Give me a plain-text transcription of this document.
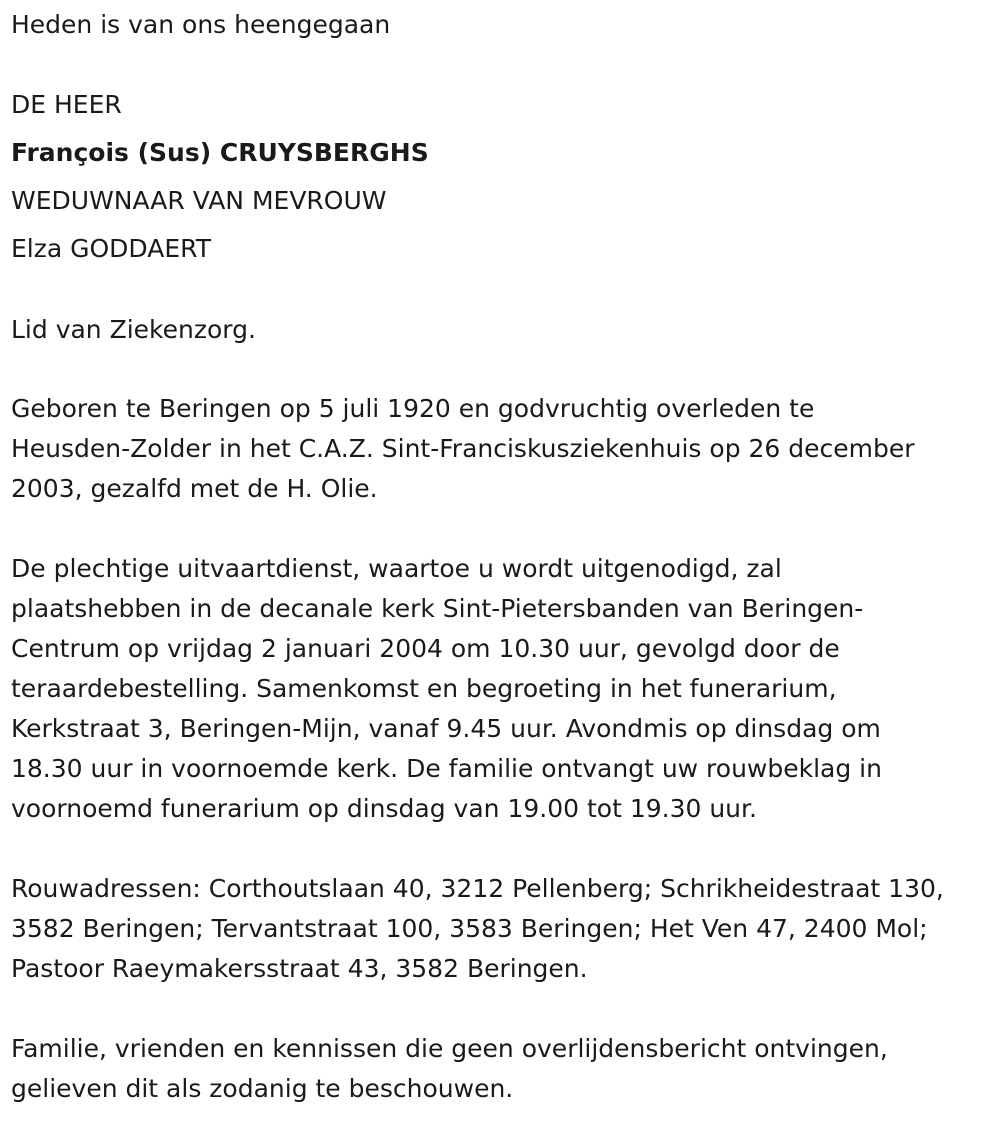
Heden is van ons heengegaan

DE HEER

François (Sus) CRUYSBERGHS

WEDUWNAAR VAN MEVROUW

Elza GODDAERT

Lid van Ziekenzorg.

Geboren te Beringen op 5 juli 1920 en godvruchtig overleden te
Heusden-Zolder in het C.A.Z. Sint-Franciskusziekenhuis op 26 december
2003, gezalfd met de H. Olie.
De plechtige uitvaartdienst, waartoe u wordt uitgenodigd, zal
plaatshebben in de decanale kerk Sint-Pietersbanden van Beringen-
Centrum op vrijdag 2 januari 2004 om 10.30 uur, gevolgd door de
teraardebestelling. Samenkomst en begroeting in het funerarium,
Kerkstraat 3, Beringen-Mijn, vanaf 9.45 uur. Avondmis op dinsdag om
18.30 uur in voornoemde kerk. De familie ontvangt uw rouwbeklag in
voornoemd funerarium op dinsdag van 19.00 tot 19.30 uur.
Rouwadressen: Corthoutslaan 40, 3212 Pellenberg; Schrikheidestraat 130,
3582 Beringen; Tervantstraat 100, 3583 Beringen; Het Ven 47, 2400 Mol;
Pastoor Raeymakersstraat 43, 3582 Beringen.
Familie, vrienden en kennissen die geen overlijdensbericht ontvingen,
gelieven dit als zodanig te beschouwen.
